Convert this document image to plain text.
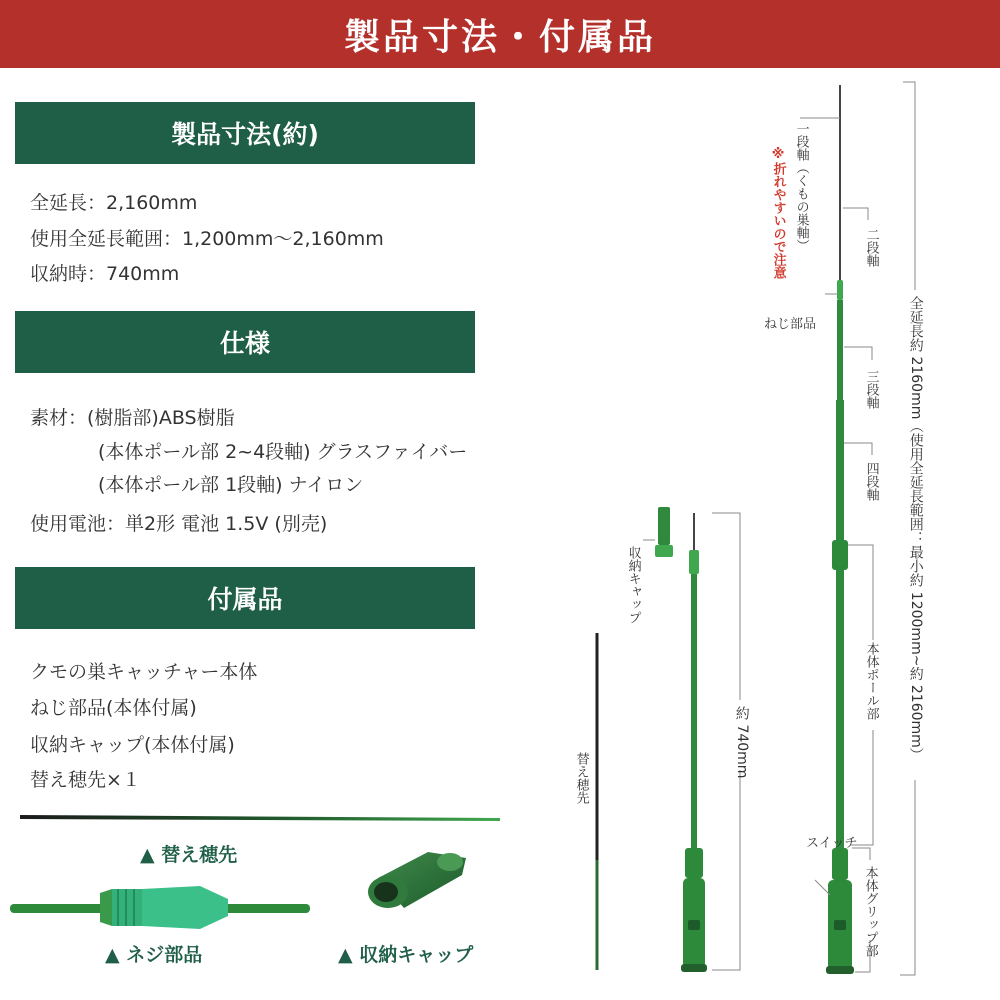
製品寸法・付属品
製品寸法(約)
全延長：2,160mm
使用全延長範囲：1,200mm～2,160mm
収納時：740mm
仕様
素材：(樹脂部)ABS樹脂
(本体ポール部 2~4段軸) グラスファイバー
(本体ポール部 1段軸) ナイロン
使用電池：単2形 電池 1.5V (別売)
付属品
クモの巣キャッチャー本体
ねじ部品(本体付属)
収納キャップ(本体付属)
替え穂先×１
▲ 替え穂先
▲ ネジ部品	▲ 収納キャップ
一段軸（くもの巣軸）
※折れやすいので注意	二段軸
ねじ部品
三段軸
四段軸
本体ポール部
スイッチ
本体グリップ部
全延長約 2160mm（使用全延長範囲：最小約 1200mm~約 2160mm）
収納キャップ
約 740mm
替え穂先
